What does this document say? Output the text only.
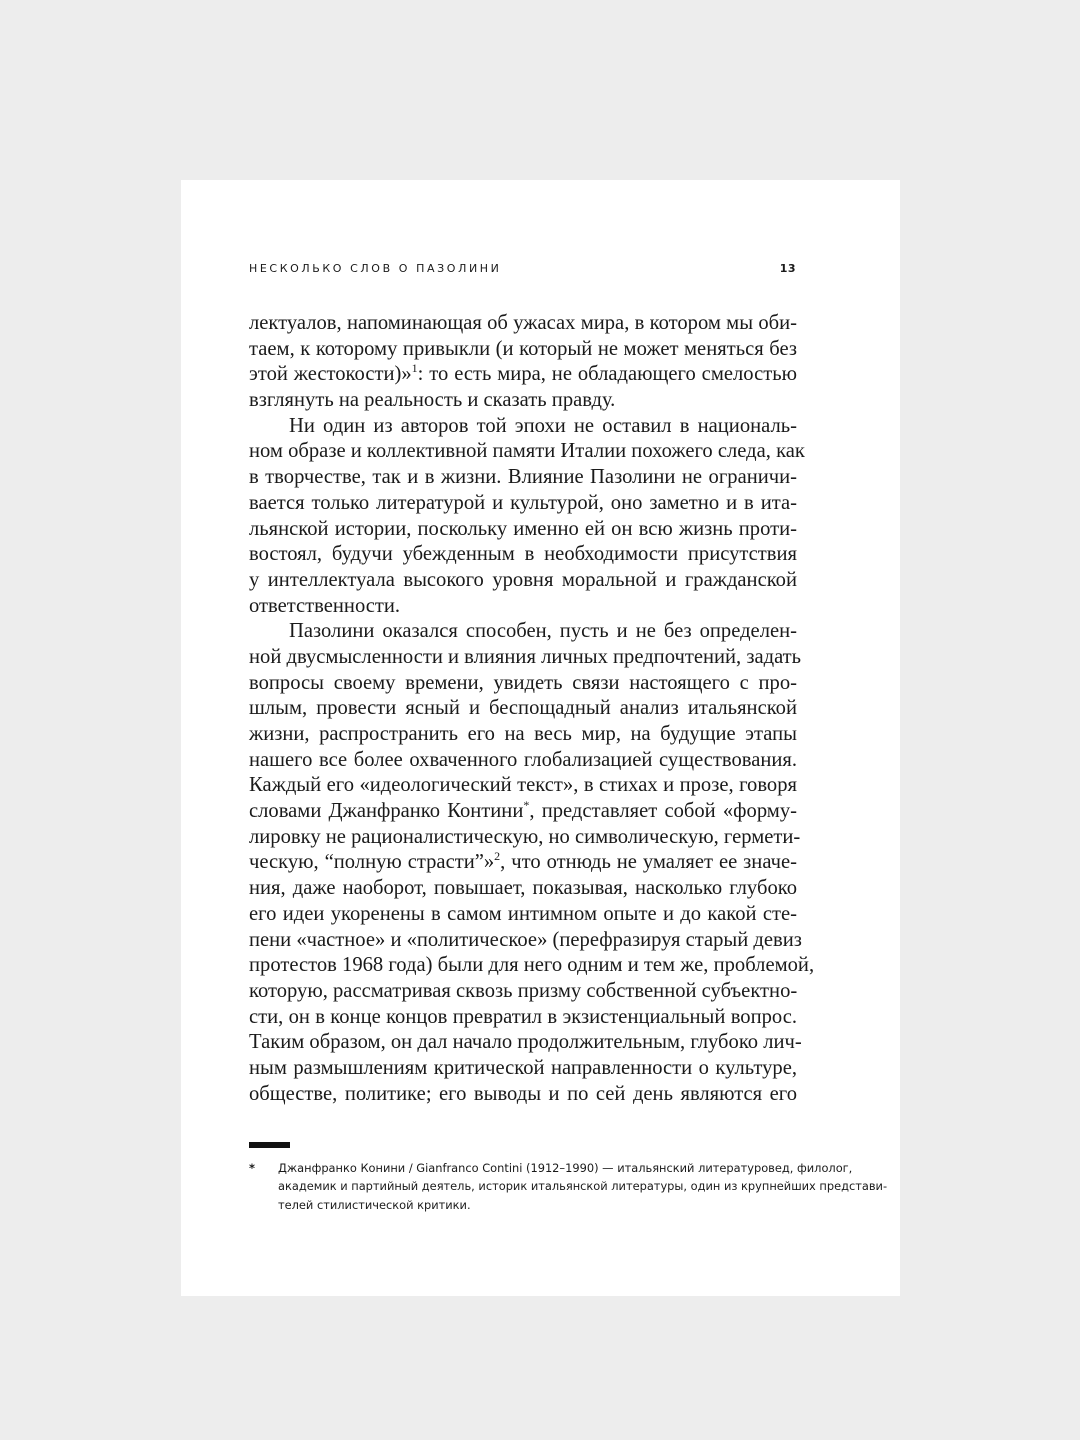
НЕСКОЛЬКО СЛОВ О ПАЗОЛИНИ	13
лектуалов, напоминающая об ужасах мира, в котором мы оби-
таем, к которому привыкли (и который не может меняться без
этой жестокости)»$^1$: то есть мира, не обладающего смелостью
взглянуть на реальность и сказать правду.
Ни один из авторов той эпохи не оставил в националь-
ном образе и коллективной памяти Италии похожего следа, как
в творчестве, так и в жизни. Влияние Пазолини не ограничи-
вается только литературой и культурой, оно заметно и в ита-
льянской истории, поскольку именно ей он всю жизнь проти-
востоял, будучи убежденным в необходимости присутствия
у интеллектуала высокого уровня моральной и гражданской
ответственности.
Пазолини оказался способен, пусть и не без определен-
ной двусмысленности и влияния личных предпочтений, задать
вопросы своему времени, увидеть связи настоящего с про-
шлым, провести ясный и беспощадный анализ итальянской
жизни, распространить его на весь мир, на будущие этапы
нашего все более охваченного глобализацией существования.
Каждый его «идеологический текст», в стихах и прозе, говоря
словами Джанфранко Контини*, представляет собой «форму-
лировку не рационалистическую, но символическую, гермети-
ческую, “полную страсти”»$^2$, что отнюдь не умаляет ее значе-
ния, даже наоборот, повышает, показывая, насколько глубоко
его идеи укоренены в самом интимном опыте и до какой сте-
пени «частное» и «политическое» (перефразируя старый девиз
протестов 1968 года) были для него одним и тем же, проблемой,
которую, рассматривая сквозь призму собственной субъектно-
сти, он в конце концов превратил в экзистенциальный вопрос.
Таким образом, он дал начало продолжительным, глубоко лич-
ным размышлениям критической направленности о культуре,
обществе, политике; его выводы и по сей день являются его
* Джанфранко Конини / Gianfranco Contini (1912–1990) — итальянский литературовед, филолог,
академик и партийный деятель, историк итальянской литературы, один из крупнейших представи-
телей стилистической критики.
